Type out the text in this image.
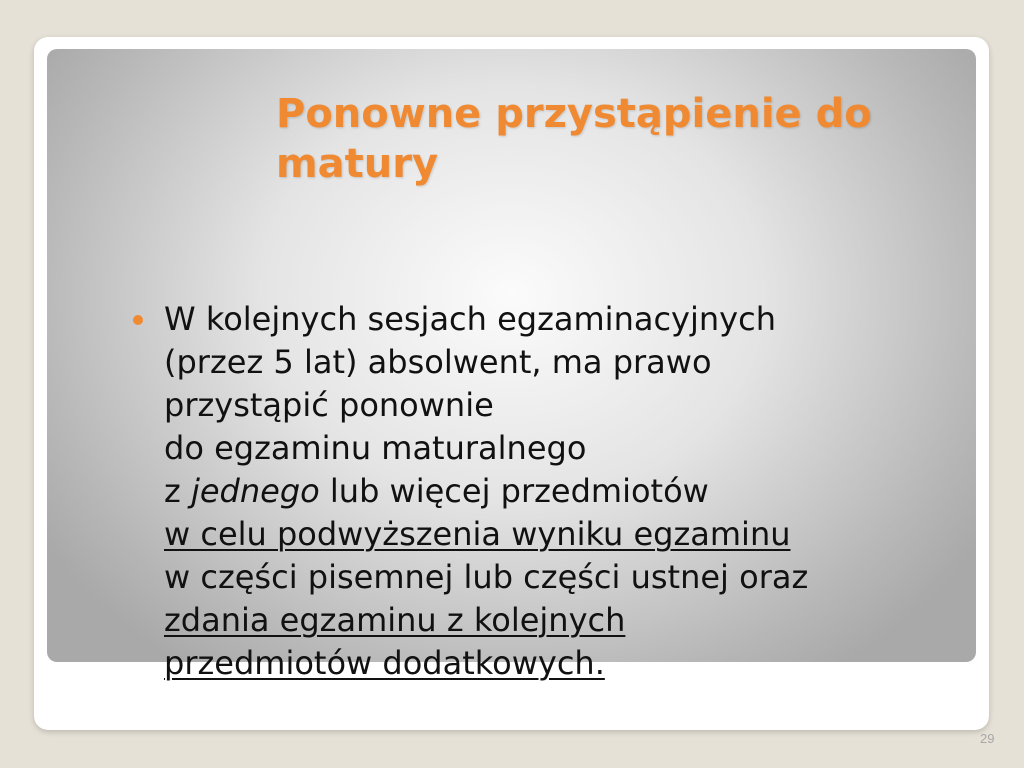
Ponowne przystąpienie do
matury
W kolejnych sesjach egzaminacyjnych
(przez 5 lat) absolwent, ma prawo
przystąpić ponownie
do egzaminu maturalnego
z jednego lub więcej przedmiotów
w celu podwyższenia wyniku egzaminu
w części pisemnej lub części ustnej oraz
zdania egzaminu z kolejnych
przedmiotów dodatkowych.
29
